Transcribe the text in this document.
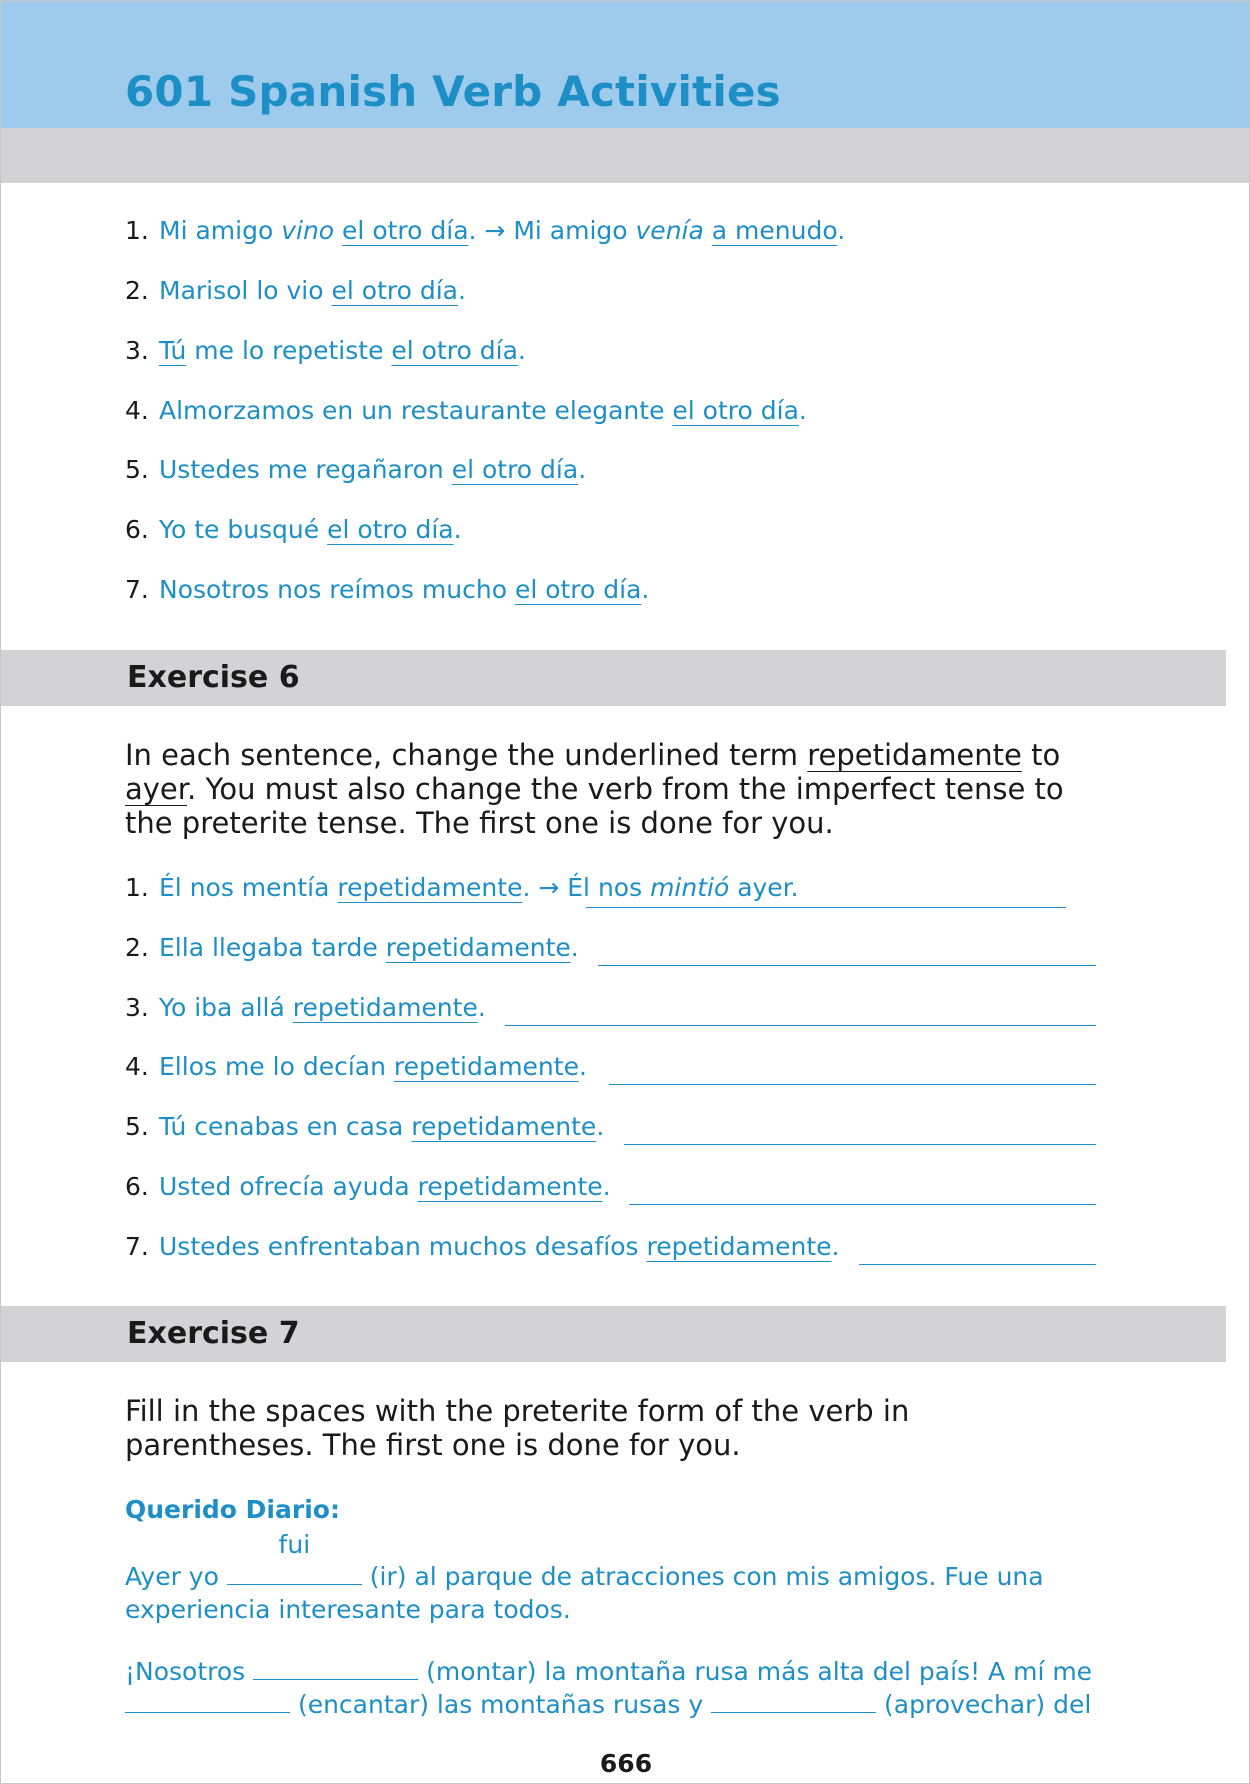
601 Spanish Verb Activities
1. Mi amigo vino el otro día. → Mi amigo venía a menudo.
2. Marisol lo vio el otro día.
3. Tú me lo repetiste el otro día.
4. Almorzamos en un restaurante elegante el otro día.
5. Ustedes me regañaron el otro día.
6. Yo te busqué el otro día.
7. Nosotros nos reímos mucho el otro día.
Exercise 6
In each sentence, change the underlined term repetidamente to ayer. You must also change the verb from the imperfect tense to the preterite tense. The first one is done for you.
1. Él nos mentía repetidamente. → Él nos mintió ayer.
2. Ella llegaba tarde repetidamente.
3. Yo iba allá repetidamente.
4. Ellos me lo decían repetidamente.
5. Tú cenabas en casa repetidamente.
6. Usted ofrecía ayuda repetidamente.
7. Ustedes enfrentaban muchos desafíos repetidamente.
Exercise 7
Fill in the spaces with the preterite form of the verb in parentheses. The first one is done for you.
Querido Diario:
Ayer yo
fui
(ir) al parque de atracciones con mis amigos. Fue una experiencia interesante para todos.
¡Nosotros	(montar) la montaña rusa más alta del país! A mí me
(encantar) las montañas rusas y	(aprovechar) del
666
